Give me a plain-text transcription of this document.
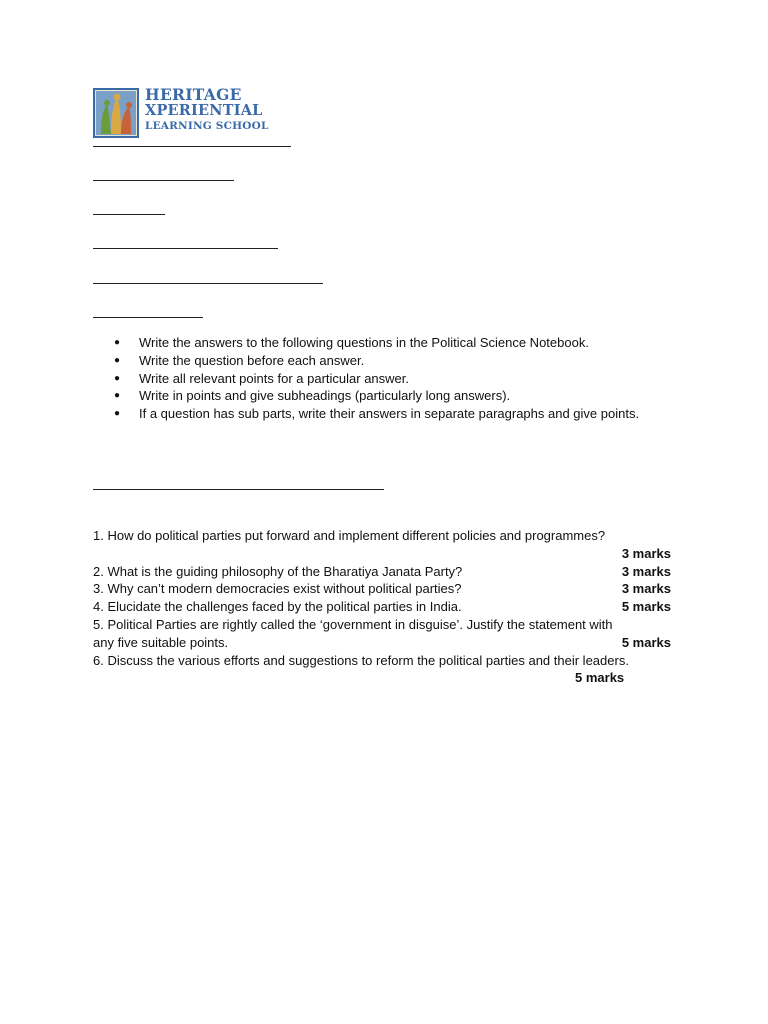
HERITAGE
XPERIENTIAL
LEARNING SCHOOL
● Write the answers to the following questions in the Political Science Notebook.
● Write the question before each answer.
● Write all relevant points for a particular answer.
● Write in points and give subheadings (particularly long answers).
● If a question has sub parts, write their answers in separate paragraphs and give points.
1. How do political parties put forward and implement different policies and programmes?
3 marks
2. What is the guiding philosophy of the Bharatiya Janata Party?	3 marks
3. Why can’t modern democracies exist without political parties?	3 marks
4. Elucidate the challenges faced by the political parties in India.	5 marks
5. Political Parties are rightly called the ‘government in disguise’. Justify the statement with
any five suitable points.	5 marks
6. Discuss the various efforts and suggestions to reform the political parties and their leaders.
5 marks
